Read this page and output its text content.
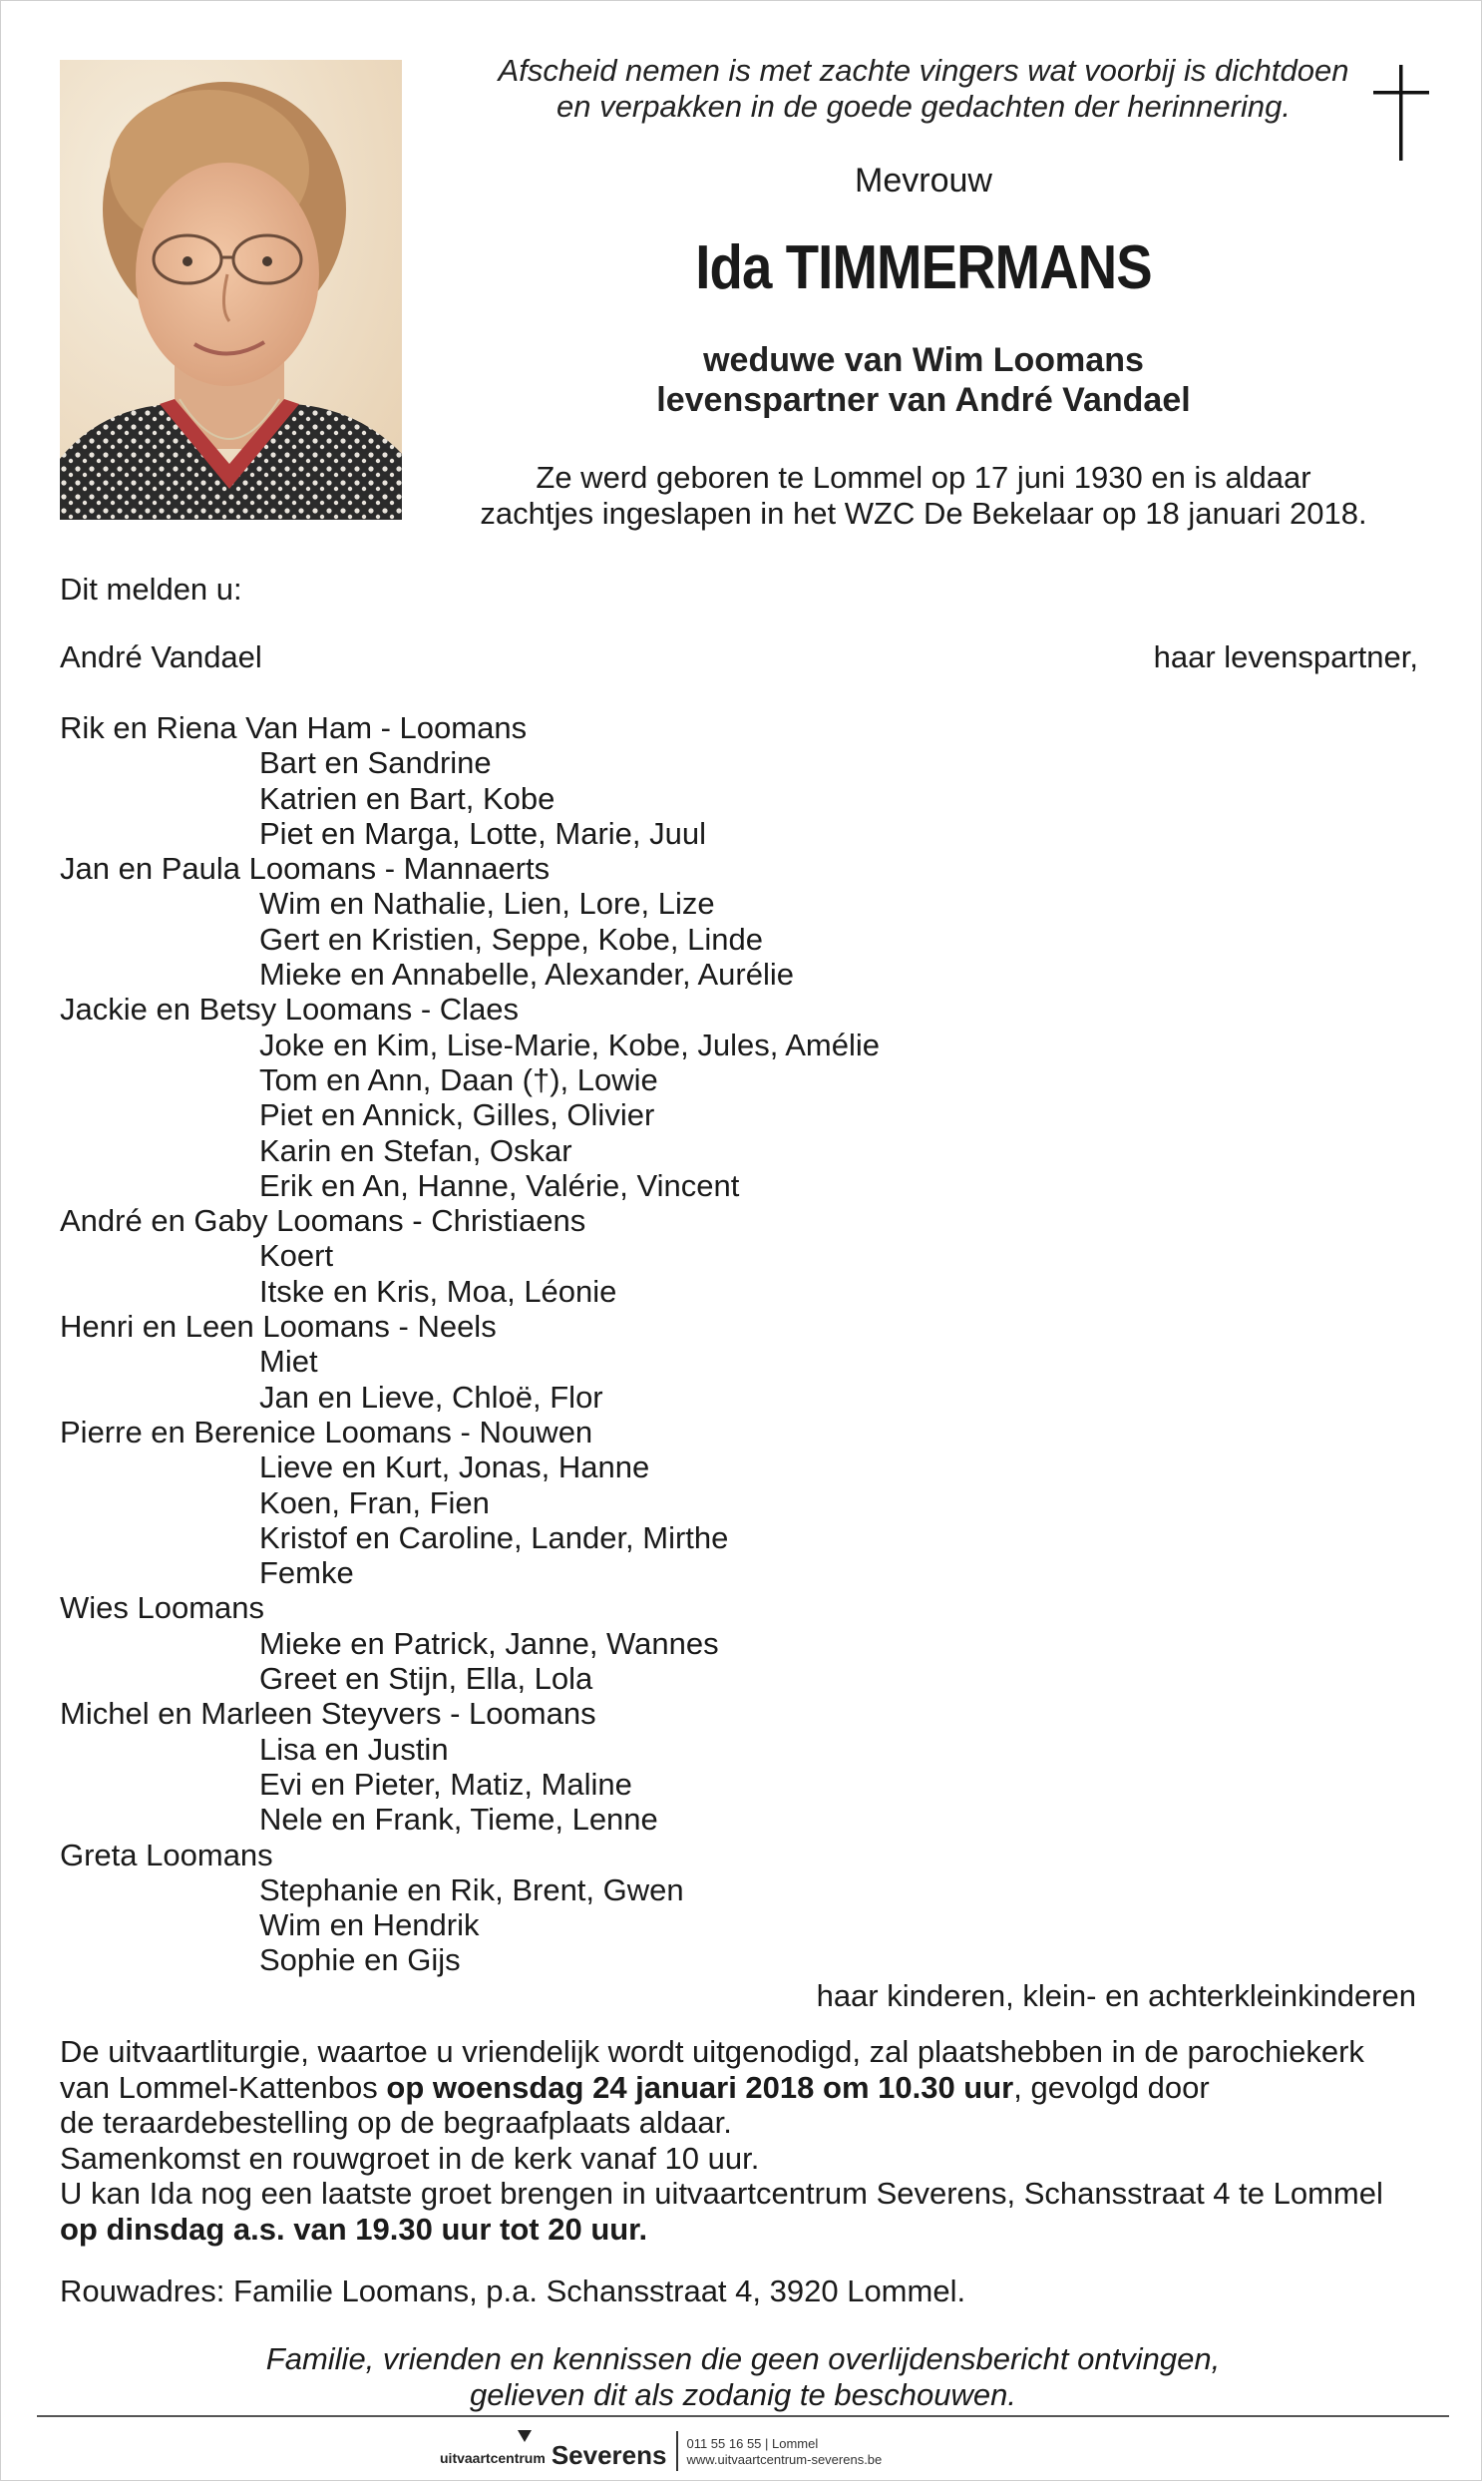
Afscheid nemen is met zachte vingers wat voorbij is dichtdoen
en verpakken in de goede gedachten der herinnering.
Mevrouw
Ida TIMMERMANS
weduwe van Wim Loomans
levenspartner van André Vandael
Ze werd geboren te Lommel op 17 juni 1930 en is aldaar
zachtjes ingeslapen in het WZC De Bekelaar op 18 januari 2018.
Dit melden u:
André Vandael	haar levenspartner,
Rik en Riena Van Ham - Loomans
Bart en Sandrine
Katrien en Bart, Kobe
Piet en Marga, Lotte, Marie, Juul
Jan en Paula Loomans - Mannaerts
Wim en Nathalie, Lien, Lore, Lize
Gert en Kristien, Seppe, Kobe, Linde
Mieke en Annabelle, Alexander, Aurélie
Jackie en Betsy Loomans - Claes
Joke en Kim, Lise-Marie, Kobe, Jules, Amélie
Tom en Ann, Daan (†), Lowie
Piet en Annick, Gilles, Olivier
Karin en Stefan, Oskar
Erik en An, Hanne, Valérie, Vincent
André en Gaby Loomans - Christiaens
Koert
Itske en Kris, Moa, Léonie
Henri en Leen Loomans - Neels
Miet
Jan en Lieve, Chloë, Flor
Pierre en Berenice Loomans - Nouwen
Lieve en Kurt, Jonas, Hanne
Koen, Fran, Fien
Kristof en Caroline, Lander, Mirthe
Femke
Wies Loomans
Mieke en Patrick, Janne, Wannes
Greet en Stijn, Ella, Lola
Michel en Marleen Steyvers - Loomans
Lisa en Justin
Evi en Pieter, Matiz, Maline
Nele en Frank, Tieme, Lenne
Greta Loomans
Stephanie en Rik, Brent, Gwen
Wim en Hendrik
Sophie en Gijs
haar kinderen, klein- en achterkleinkinderen
De uitvaartliturgie, waartoe u vriendelijk wordt uitgenodigd, zal plaatshebben in de parochiekerk
van Lommel-Kattenbos op woensdag 24 januari 2018 om 10.30 uur, gevolgd door
de teraardebestelling op de begraafplaats aldaar.
Samenkomst en rouwgroet in de kerk vanaf 10 uur.
U kan Ida nog een laatste groet brengen in uitvaartcentrum Severens, Schansstraat 4 te Lommel
op dinsdag a.s. van 19.30 uur tot 20 uur.
Rouwadres: Familie Loomans, p.a. Schansstraat 4, 3920 Lommel.
Familie, vrienden en kennissen die geen overlijdensbericht ontvingen,
gelieven dit als zodanig te beschouwen.
uitvaartcentrum Severens 011 55 16 55 | Lommel
www.uitvaartcentrum-severens.be
